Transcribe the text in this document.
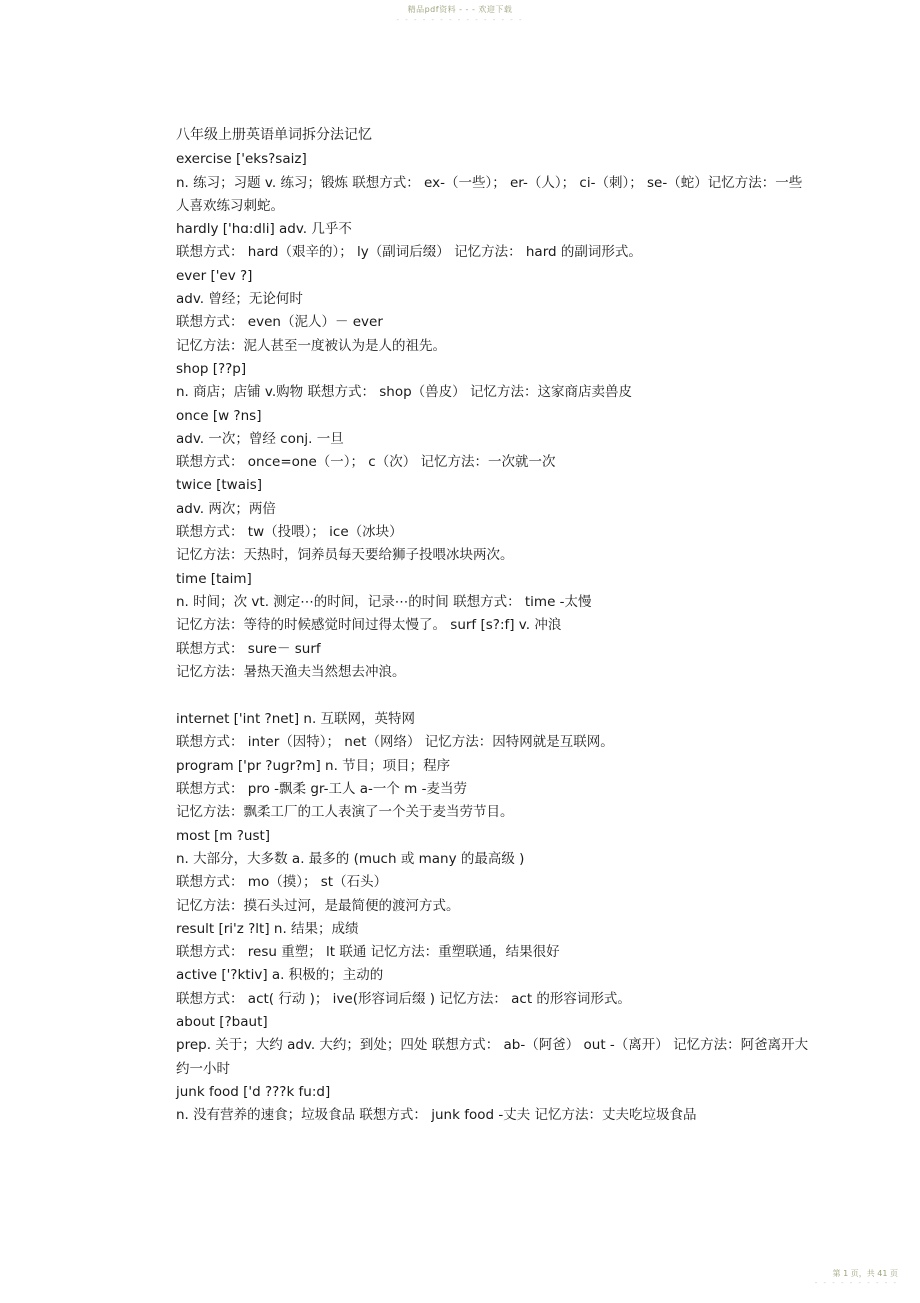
精品pdf资料 - - - 欢迎下载
- - - - - - - - - - - - - - -

八年级上册英语单词拆分法记忆

exercise ['eks?saiz]

n. 练习；习题 v. 练习；锻炼 联想方式： ex-（一些）； er-（人）； ci-（刺）； se-（蛇）记忆方法：一些人喜欢练习刺蛇。

hardly ['hɑ:dli] adv. 几乎不

联想方式： hard（艰辛的）； ly（副词后缀） 记忆方法： hard 的副词形式。

ever ['ev ?]

adv. 曾经；无论何时

联想方式： even（泥人）－ ever

记忆方法：泥人甚至一度被认为是人的祖先。

shop [??p]

n. 商店；店铺 v.购物 联想方式： shop（兽皮） 记忆方法：这家商店卖兽皮

once [w ?ns]

adv. 一次；曾经 conj. 一旦

联想方式： once=one（一）； c（次） 记忆方法：一次就一次

twice [twais]

adv. 两次；两倍

联想方式： tw（投喂）； ice（冰块）

记忆方法：天热时，饲养员每天要给狮子投喂冰块两次。

time [taim]

n. 时间；次 vt. 测定⋯的时间，记录⋯的时间 联想方式： time -太慢

记忆方法：等待的时候感觉时间过得太慢了。 surf [s?:f] v. 冲浪

联想方式： sure－ surf

记忆方法：暑热天渔夫当然想去冲浪。

internet ['int ?net] n. 互联网，英特网

联想方式： inter（因特）； net（网络） 记忆方法：因特网就是互联网。

program ['pr ?uɡr?m] n. 节目；项目；程序

联想方式： pro -飘柔 gr-工人 a-一个 m -麦当劳

记忆方法：飘柔工厂的工人表演了一个关于麦当劳节目。

most [m ?ust]

n. 大部分，大多数 a. 最多的 (much 或 many 的最高级 )

联想方式： mo（摸）； st（石头）

记忆方法：摸石头过河，是最简便的渡河方式。

result [ri'z ?lt] n. 结果；成绩

联想方式： resu 重塑； lt 联通 记忆方法：重塑联通，结果很好

active ['?ktiv] a. 积极的；主动的

联想方式： act( 行动 )； ive(形容词后缀 ) 记忆方法： act 的形容词形式。

about [?baut]

prep. 关于；大约 adv. 大约；到处；四处 联想方式： ab-（阿爸） out -（离开） 记忆方法：阿爸离开大约一小时

junk food ['d ???k fu:d]

n. 没有营养的速食；垃圾食品 联想方式： junk food -丈夫 记忆方法：丈夫吃垃圾食品

第 1 页，共 41 页
- - - - - - - - - -
